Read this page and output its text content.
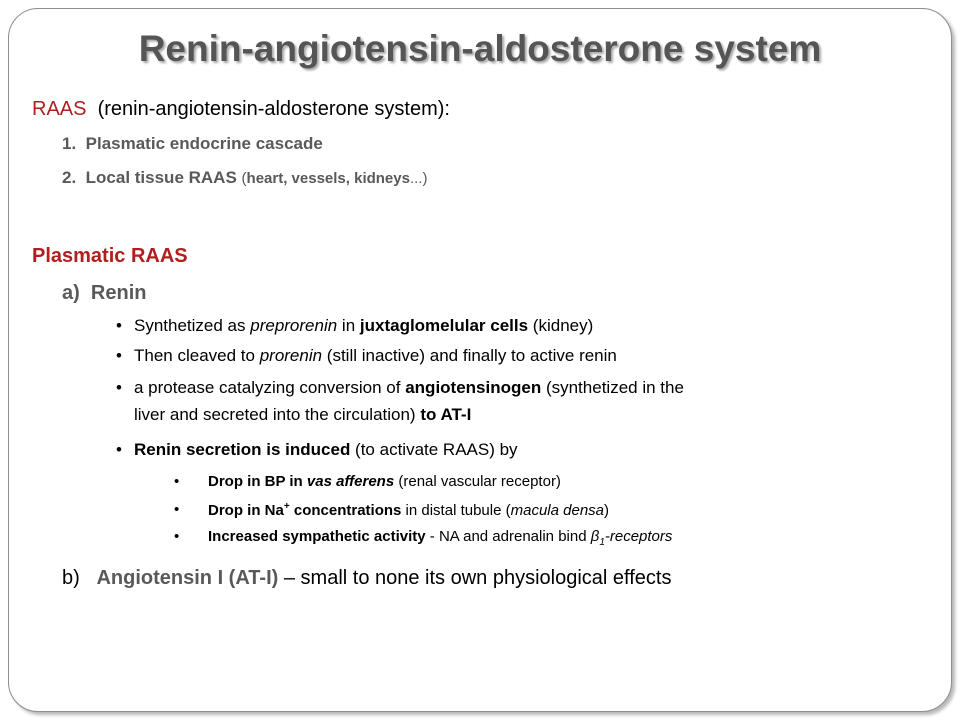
Renin-angiotensin-aldosterone system
RAAS (renin-angiotensin-aldosterone system):
1. Plasmatic endocrine cascade
2. Local tissue RAAS (heart, vessels, kidneys...)
Plasmatic RAAS
a) Renin
• Synthetized as preprorenin in juxtaglomelular cells (kidney)
• Then cleaved to prorenin (still inactive) and finally to active renin
• a protease catalyzing conversion of angiotensinogen (synthetized in the
liver and secreted into the circulation) to AT-I
• Renin secretion is induced (to activate RAAS) by
• Drop in BP in vas afferens (renal vascular receptor)
• Drop in Na+ concentrations in distal tubule (macula densa)
• Increased sympathetic activity - NA and adrenalin bind $\beta_1$-receptors
b) Angiotensin I (AT-I) – small to none its own physiological effects
